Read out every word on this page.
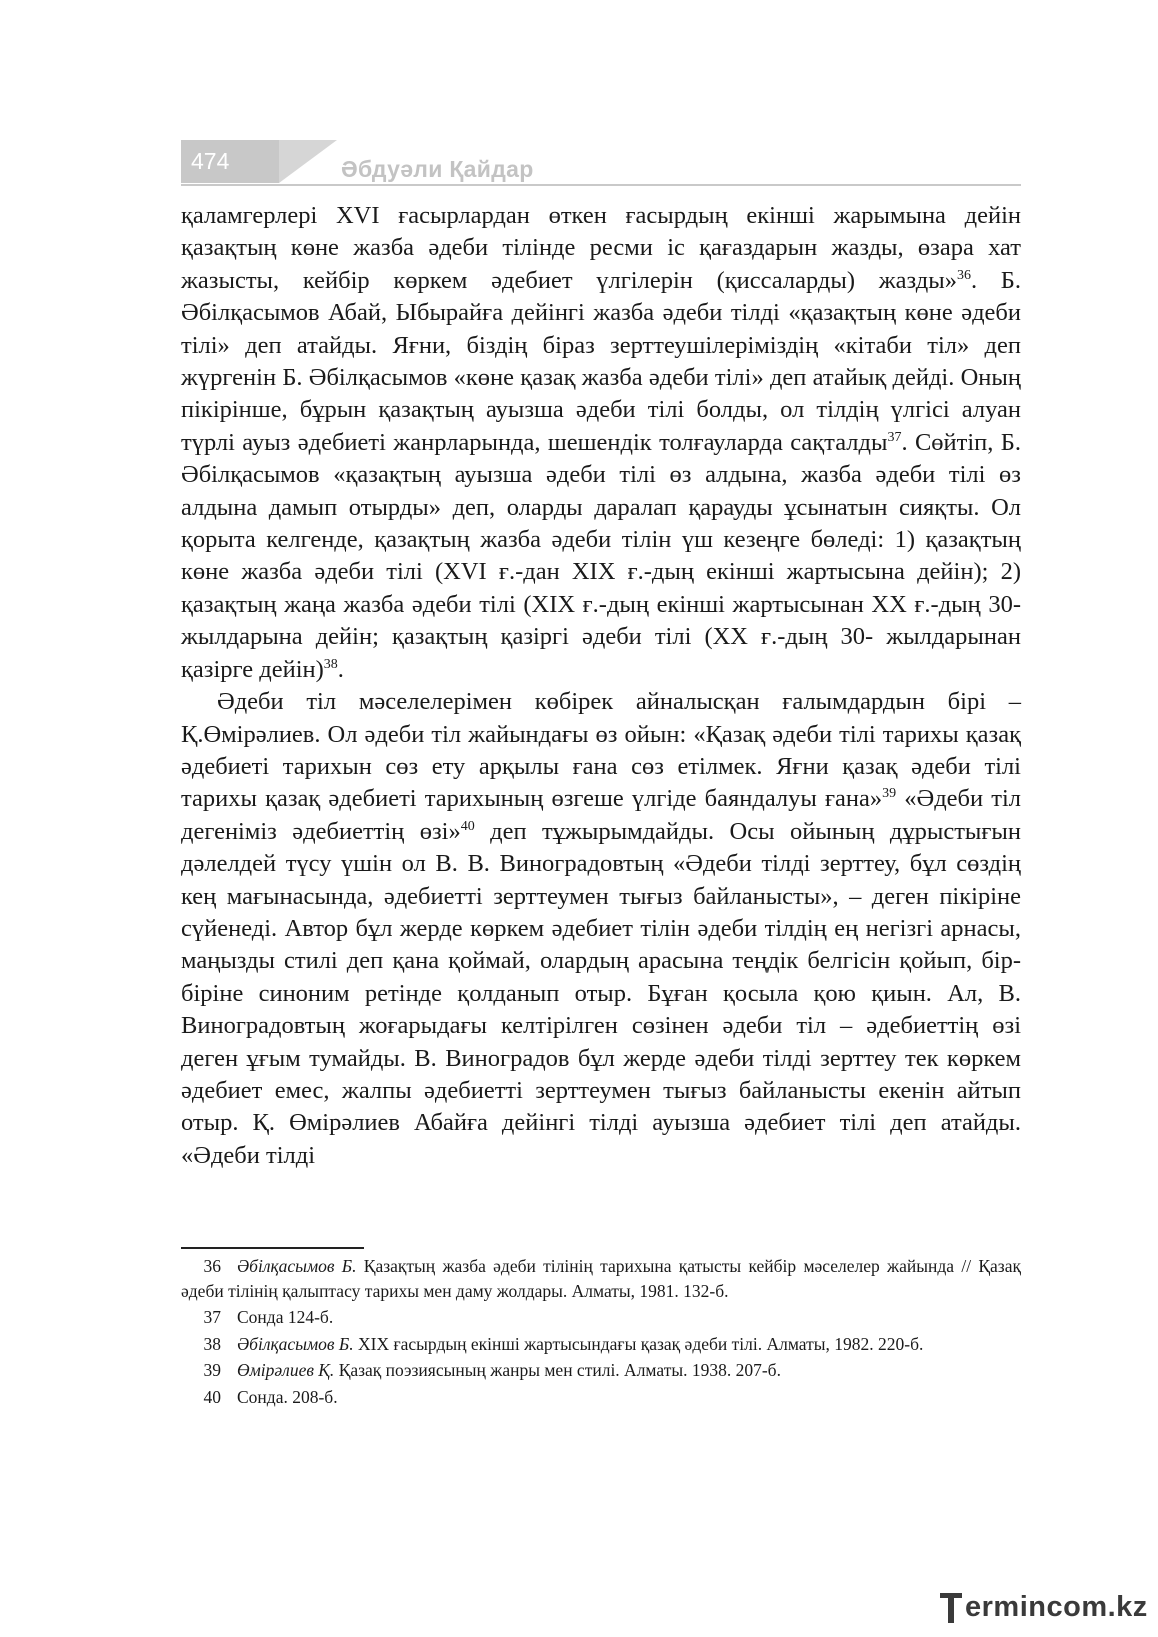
474	Әбдуәли Қайдар

қаламгерлері XVI ғасырлардан өткен ғасырдың екінші жарымына дейін қазақтың көне жазба әдеби тілінде ресми іс қағаздарын жазды, өзара хат жазысты, кейбір көркем әдебиет үлгілерін (қиссаларды) жазды»$^{36}$. Б. Әбілқасымов Абай, Ыбырайға дейінгі жазба әдеби тілді «қазақтың көне әдеби тілі» деп атайды. Яғни, біздің біраз зерттеушілеріміздің «кітаби тіл» деп жүргенін Б. Әбілқасымов «көне қазақ жазба әдеби тілі» деп атайық дейді. Оның пікірінше, бұрын қазақтың ауызша әдеби тілі болды, ол тілдің үлгісі алуан түрлі ауыз әдебиеті жанрларында, шешендік толғауларда сақталды$^{37}$. Сөйтіп, Б. Әбілқасымов «қазақтың ауызша әдеби тілі өз алдына, жазба әдеби тілі өз алдына дамып отырды» деп, оларды даралап қарауды ұсынатын сияқты. Ол қорыта келгенде, қазақтың жазба әдеби тілін үш кезеңге бөледі: 1) қазақтың көне жазба әдеби тілі (XVI ғ.-дан XIX ғ.-дың екінші жартысына дейін); 2) қазақтың жаңа жазба әдеби тілі (XIX ғ.-дың екінші жартысынан XX ғ.-дың 30-жылдарына дейін; қазақтың қазіргі әдеби тілі (XX ғ.-дың 30- жылдарынан қазірге дейін)$^{38}$.

Әдеби тіл мәселелерімен көбірек айналысқан ғалымдардын бірі – Қ.Өмірәлиев. Ол әдеби тіл жайындағы өз ойын: «Қазақ әдеби тілі тарихы қазақ әдебиеті тарихын сөз ету арқылы ғана сөз етілмек. Яғни қазақ әдеби тілі тарихы қазақ әдебиеті тарихының өзгеше үлгіде баяндалуы ғана»$^{39}$ «Әдеби тіл дегеніміз әдебиеттің өзі»$^{40}$ деп тұжырымдайды. Осы ойының дұрыстығын дәлелдей түсу үшін ол В. В. Виноградовтың «Әдеби тілді зерттеу, бұл сөздің кең мағынасында, әдебиетті зерттеумен тығыз байланысты», – деген пікіріне сүйенеді. Автор бұл жерде көркем әдебиет тілін әдеби тілдің ең негізгі арнасы, маңызды стилі деп қана қоймай, олардың арасына теңдік белгісін қойып, бір-біріне синоним ретінде қолданып отыр. Бұған қосыла қою қиын. Ал, В. Виноградовтың жоғарыдағы келтірілген сөзінен әдеби тіл – әдебиеттің өзі деген ұғым тумайды. В. Виноградов бұл жерде әдеби тілді зерттеу тек көркем әдебиет емес, жалпы әдебиетті зерттеумен тығыз байланысты екенін айтып отыр. Қ. Өмірәлиев Абайға дейінгі тілді ауызша әдебиет тілі деп атайды. «Әдеби тілді

36 Әбілқасымов Б. Қазақтың жазба әдеби тілінің тарихына қатысты кейбір мәселелер жайында // Қазақ әдеби тілінің қалыптасу тарихы мен даму жолдары. Алматы, 1981. 132-б.

37 Сонда 124-б.

38 Әбілқасымов Б. XIX ғасырдың екінші жартысындағы қазақ әдеби тілі. Алматы, 1982. 220-б.

39 Өмірәлиев Қ. Қазақ поэзиясының жанры мен стилі. Алматы. 1938. 207-б.

40 Сонда. 208-б.

ermincom.kz
